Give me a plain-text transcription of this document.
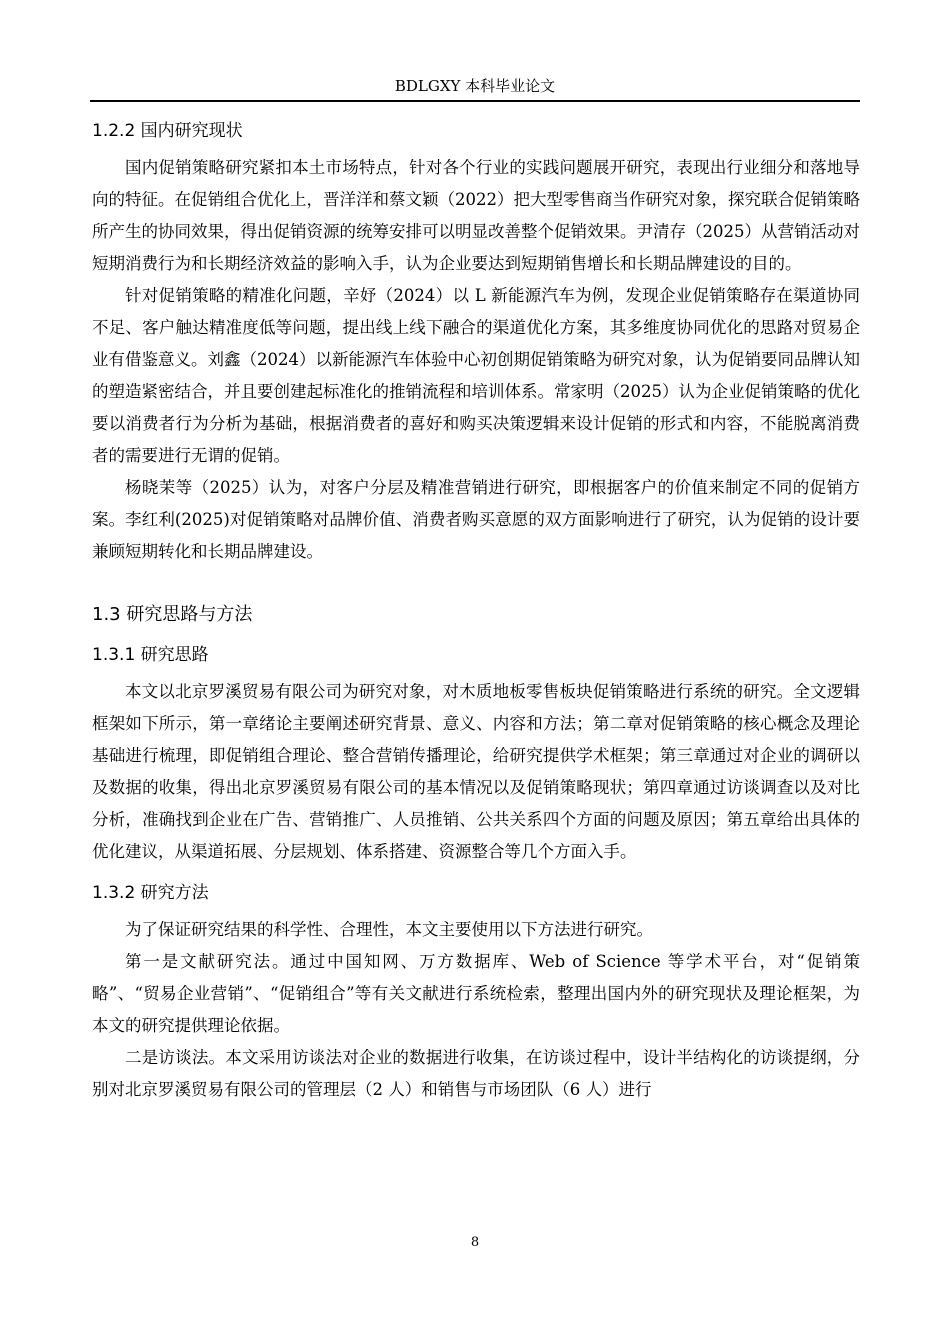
BDLGXY 本科毕业论文
1.2.2 国内研究现状

国内促销策略研究紧扣本土市场特点，针对各个行业的实践问题展开研究，表现出行业细分和落地导向的特征。在促销组合优化上，晋洋洋和蔡文颖（2022）把大型零售商当作研究对象，探究联合促销策略所产生的协同效果，得出促销资源的统筹安排可以明显改善整个促销效果。尹清存（2025）从营销活动对短期消费行为和长期经济效益的影响入手，认为企业要达到短期销售增长和长期品牌建设的目的。

针对促销策略的精准化问题，辛妤（2024）以 L 新能源汽车为例，发现企业促销策略存在渠道协同不足、客户触达精准度低等问题，提出线上线下融合的渠道优化方案，其多维度协同优化的思路对贸易企业有借鉴意义。刘鑫（2024）以新能源汽车体验中心初创期促销策略为研究对象，认为促销要同品牌认知的塑造紧密结合，并且要创建起标准化的推销流程和培训体系。常家明（2025）认为企业促销策略的优化要以消费者行为分析为基础，根据消费者的喜好和购买决策逻辑来设计促销的形式和内容，不能脱离消费者的需要进行无谓的促销。

杨晓茉等（2025）认为，对客户分层及精准营销进行研究，即根据客户的价值来制定不同的促销方案。李红利(2025)对促销策略对品牌价值、消费者购买意愿的双方面影响进行了研究，认为促销的设计要兼顾短期转化和长期品牌建设。

1.3 研究思路与方法
1.3.1 研究思路

本文以北京罗溪贸易有限公司为研究对象，对木质地板零售板块促销策略进行系统的研究。全文逻辑框架如下所示，第一章绪论主要阐述研究背景、意义、内容和方法；第二章对促销策略的核心概念及理论基础进行梳理，即促销组合理论、整合营销传播理论，给研究提供学术框架；第三章通过对企业的调研以及数据的收集，得出北京罗溪贸易有限公司的基本情况以及促销策略现状；第四章通过访谈调查以及对比分析，准确找到企业在广告、营销推广、人员推销、公共关系四个方面的问题及原因；第五章给出具体的优化建议，从渠道拓展、分层规划、体系搭建、资源整合等几个方面入手。

1.3.2 研究方法

为了保证研究结果的科学性、合理性，本文主要使用以下方法进行研究。

第一是文献研究法。通过中国知网、万方数据库、Web of Science 等学术平台，对“促销策略”、“贸易企业营销”、“促销组合”等有关文献进行系统检索，整理出国内外的研究现状及理论框架，为本文的研究提供理论依据。

二是访谈法。本文采用访谈法对企业的数据进行收集，在访谈过程中，设计半结构化的访谈提纲，分别对北京罗溪贸易有限公司的管理层（2 人）和销售与市场团队（6 人）进行

8
